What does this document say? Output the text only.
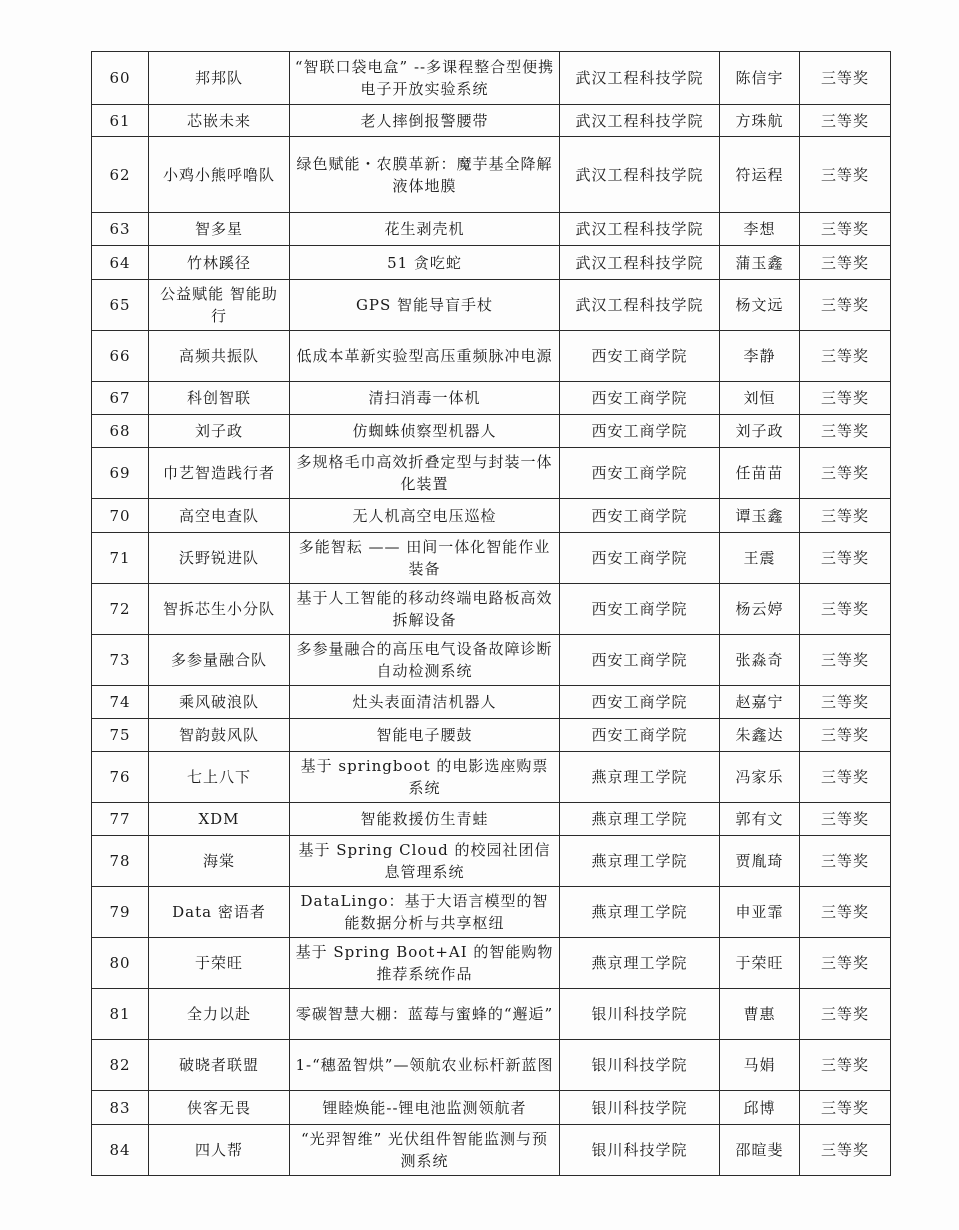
60	邦邦队	“智联口袋电盒” --多课程整合型便携电子开放实验系统	武汉工程科技学院	陈信宇	三等奖
61	芯嵌未来	老人摔倒报警腰带	武汉工程科技学院	方珠航	三等奖
62	小鸡小熊呼噜队	绿色赋能・农膜革新：魔芋基全降解液体地膜	武汉工程科技学院	符运程	三等奖
63	智多星	花生剥壳机	武汉工程科技学院	李想	三等奖
64	竹林蹊径	51 贪吃蛇	武汉工程科技学院	蒲玉鑫	三等奖
65	公益赋能 智能助行	GPS 智能导盲手杖	武汉工程科技学院	杨文远	三等奖
66	高频共振队	低成本革新实验型高压重频脉冲电源	西安工商学院	李静	三等奖
67	科创智联	清扫消毒一体机	西安工商学院	刘恒	三等奖
68	刘子政	仿蜘蛛侦察型机器人	西安工商学院	刘子政	三等奖
69	巾艺智造践行者	多规格毛巾高效折叠定型与封装一体化装置	西安工商学院	任苗苗	三等奖
70	高空电查队	无人机高空电压巡检	西安工商学院	谭玉鑫	三等奖
71	沃野锐进队	多能智耘 —— 田间一体化智能作业装备	西安工商学院	王震	三等奖
72	智拆芯生小分队	基于人工智能的移动终端电路板高效拆解设备	西安工商学院	杨云婷	三等奖
73	多参量融合队	多参量融合的高压电气设备故障诊断自动检测系统	西安工商学院	张淼奇	三等奖
74	乘风破浪队	灶头表面清洁机器人	西安工商学院	赵嘉宁	三等奖
75	智韵鼓风队	智能电子腰鼓	西安工商学院	朱鑫达	三等奖
76	七上八下	基于 springboot 的电影选座购票系统	燕京理工学院	冯家乐	三等奖
77	XDM	智能救援仿生青蛙	燕京理工学院	郭有文	三等奖
78	海棠	基于 Spring Cloud 的校园社团信息管理系统	燕京理工学院	贾胤琦	三等奖
79	Data 密语者	DataLingo：基于大语言模型的智能数据分析与共享枢纽	燕京理工学院	申亚霏	三等奖
80	于荣旺	基于 Spring Boot+AI 的智能购物推荐系统作品	燕京理工学院	于荣旺	三等奖
81	全力以赴	零碳智慧大棚：蓝莓与蜜蜂的“邂逅”	银川科技学院	曹惠	三等奖
82	破晓者联盟	1-“穗盈智烘”—领航农业标杆新蓝图	银川科技学院	马娟	三等奖
83	侠客无畏	锂睦焕能--锂电池监测领航者	银川科技学院	邱博	三等奖
84	四人帮	“光羿智维” 光伏组件智能监测与预测系统	银川科技学院	邵暄斐	三等奖
